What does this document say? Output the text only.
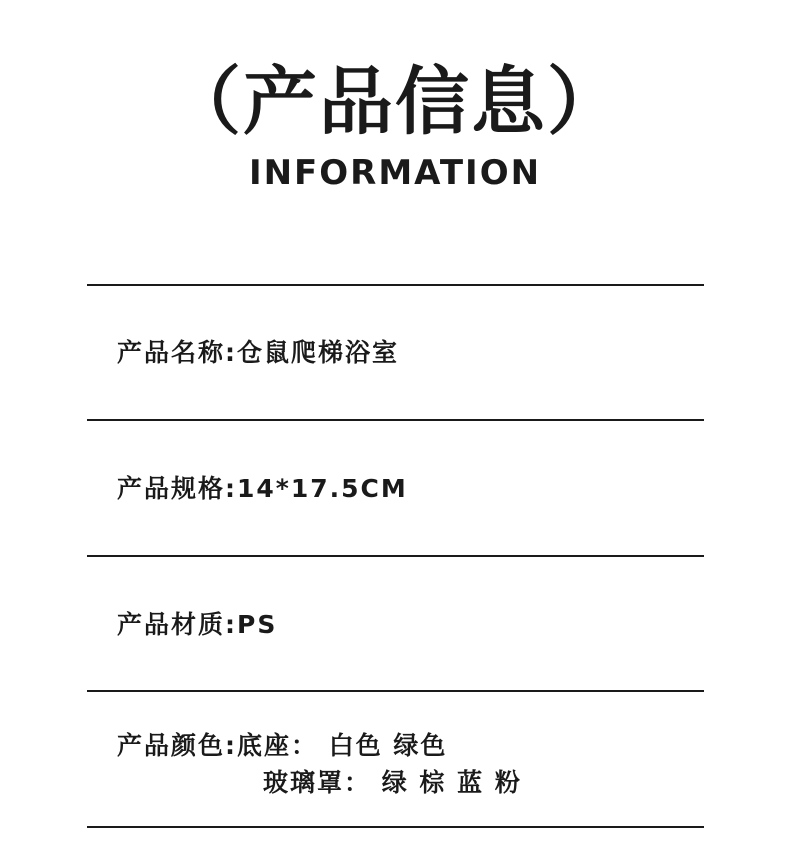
（产品信息）
INFORMATION
产品名称:仓鼠爬梯浴室
产品规格:14*17.5CM
产品材质:PS
产品颜色:底座： 白色 绿色
玻璃罩： 绿 棕 蓝 粉
